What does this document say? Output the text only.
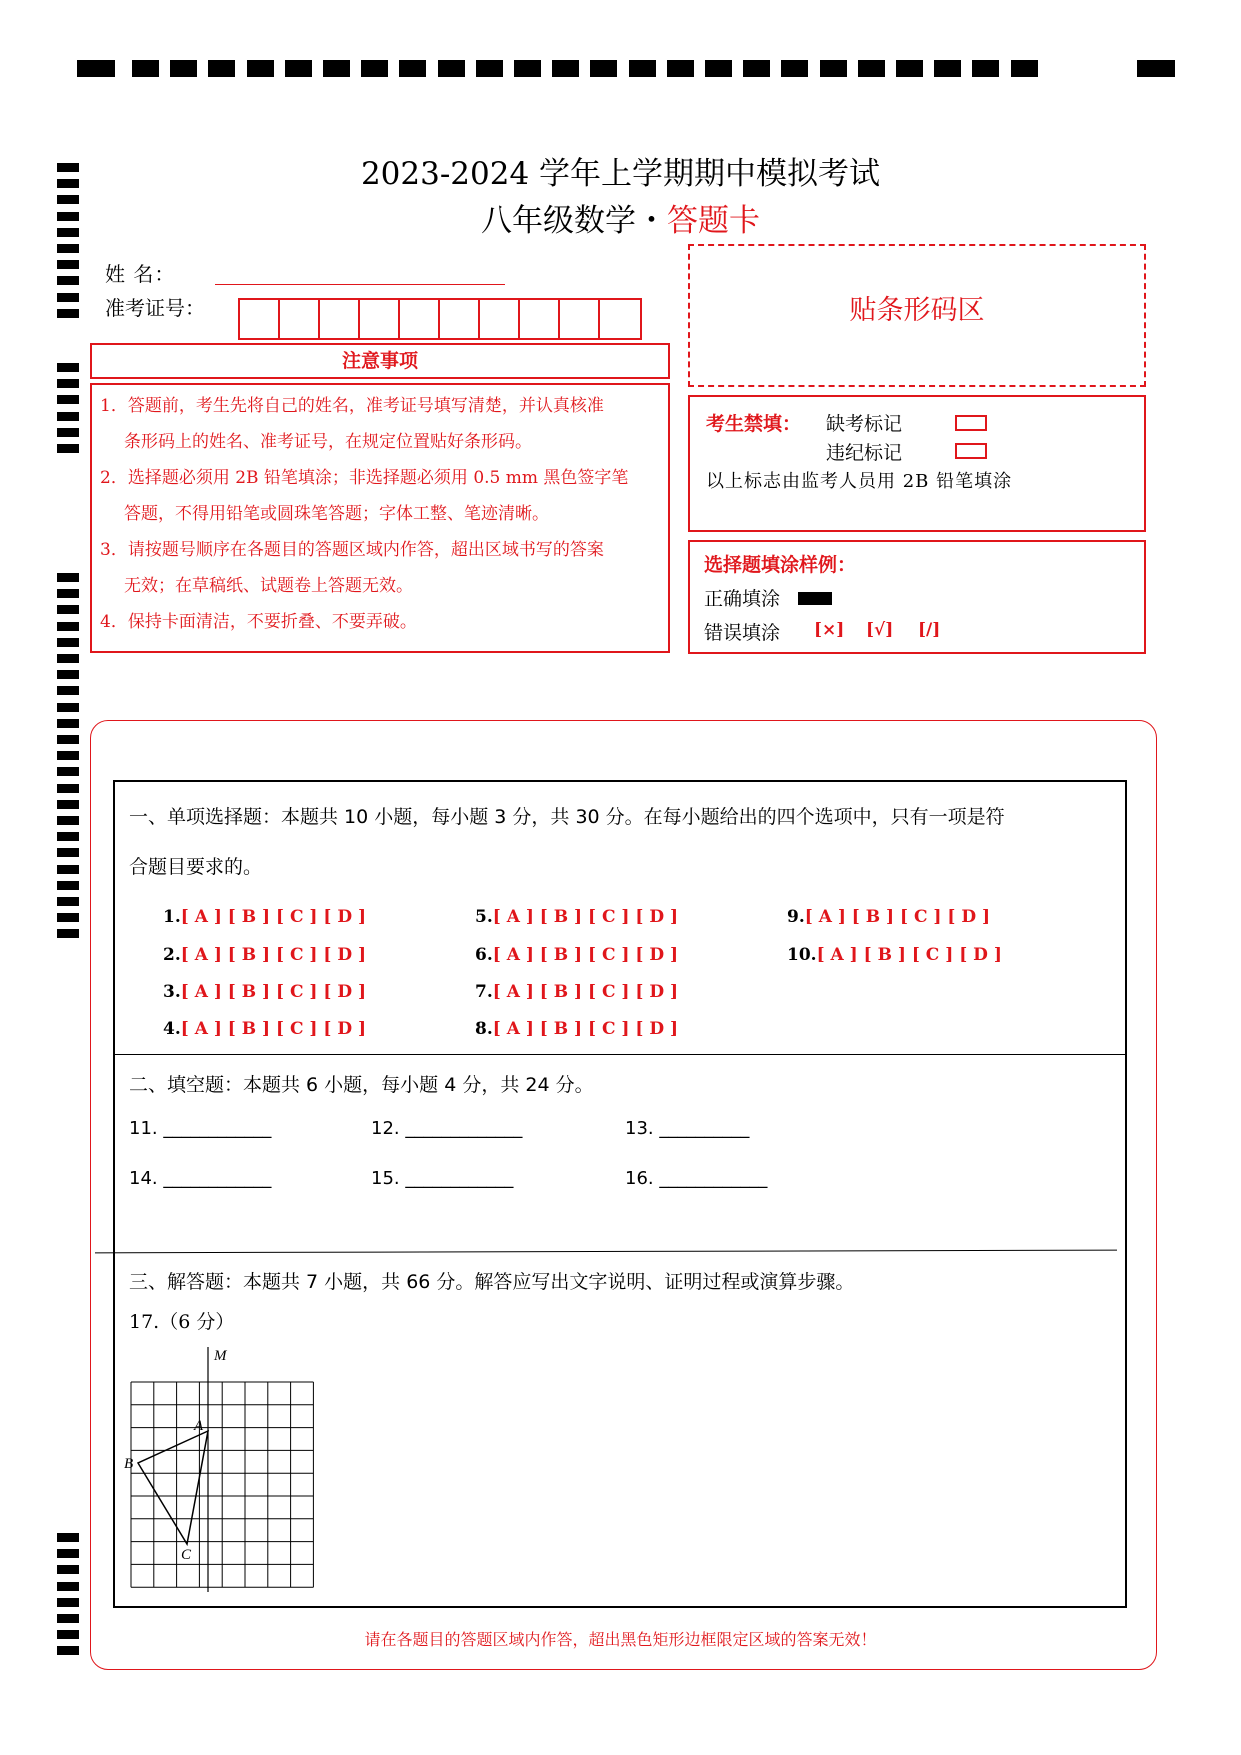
2023-2024 学年上学期期中模拟考试
八年级数学・答题卡
姓 名：
准考证号：
注意事项
1．答题前，考生先将自己的姓名，准考证号填写清楚，并认真核准
条形码上的姓名、准考证号，在规定位置贴好条形码。
2．选择题必须用 2B 铅笔填涂；非选择题必须用 0.5 mm 黑色签字笔
答题，不得用铅笔或圆珠笔答题；字体工整、笔迹清晰。
3．请按题号顺序在各题目的答题区域内作答，超出区域书写的答案
无效；在草稿纸、试题卷上答题无效。
4．保持卡面清洁，不要折叠、不要弄破。
贴条形码区
考生禁填： 缺考标记
违纪标记
以上标志由监考人员用 2B 铅笔填涂
选择题填涂样例：
正确填涂
错误填涂 [×] [√] [/]
一、单项选择题：本题共 10 小题，每小题 3 分，共 30 分。在每小题给出的四个选项中，只有一项是符
合题目要求的。
1.[ A ] [ B ] [ C ] [ D ]
2.[ A ] [ B ] [ C ] [ D ]
3.[ A ] [ B ] [ C ] [ D ]
4.[ A ] [ B ] [ C ] [ D ]
5.[ A ] [ B ] [ C ] [ D ]
6.[ A ] [ B ] [ C ] [ D ]
7.[ A ] [ B ] [ C ] [ D ]
8.[ A ] [ B ] [ C ] [ D ]
9.[ A ] [ B ] [ C ] [ D ]
10.[ A ] [ B ] [ C ] [ D ]
二、填空题：本题共 6 小题，每小题 4 分，共 24 分。
11. ____________	12. _____________	13. __________
14. ____________	15. ____________	16. ____________
三、解答题：本题共 7 小题，共 66 分。解答应写出文字说明、证明过程或演算步骤。
17.（6 分）
M
A
B
C
请在各题目的答题区域内作答，超出黑色矩形边框限定区域的答案无效！
